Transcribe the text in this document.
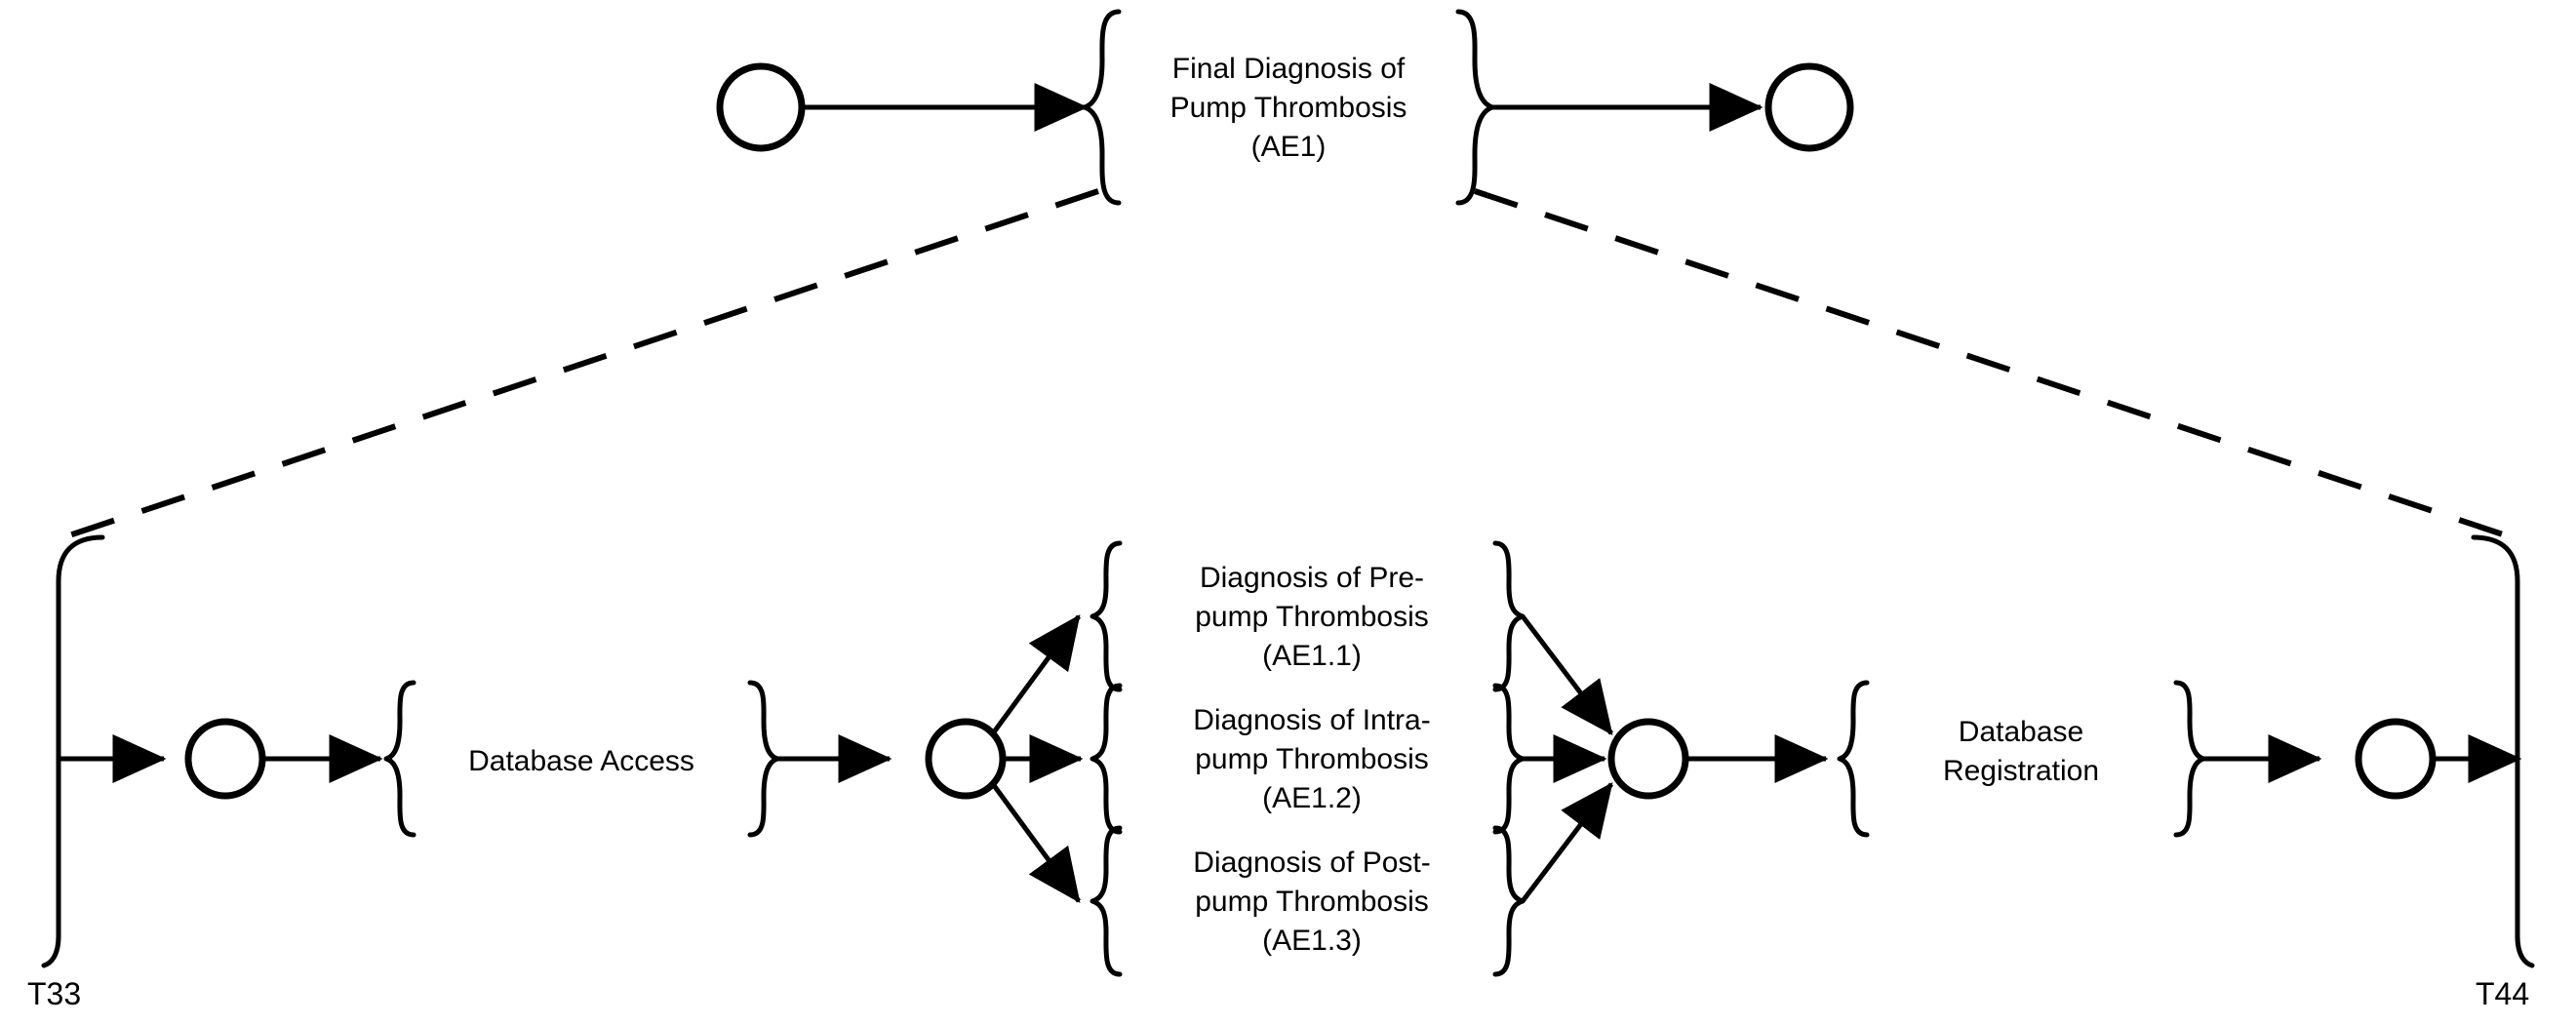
Final Diagnosis of
Pump Thrombosis
(AE1)
T33	T44
Database Access
Diagnosis of Pre-
pump Thrombosis
(AE1.1)
Diagnosis of Intra-
pump Thrombosis
(AE1.2)
Diagnosis of Post-
pump Thrombosis
(AE1.3)
Database
Registration
